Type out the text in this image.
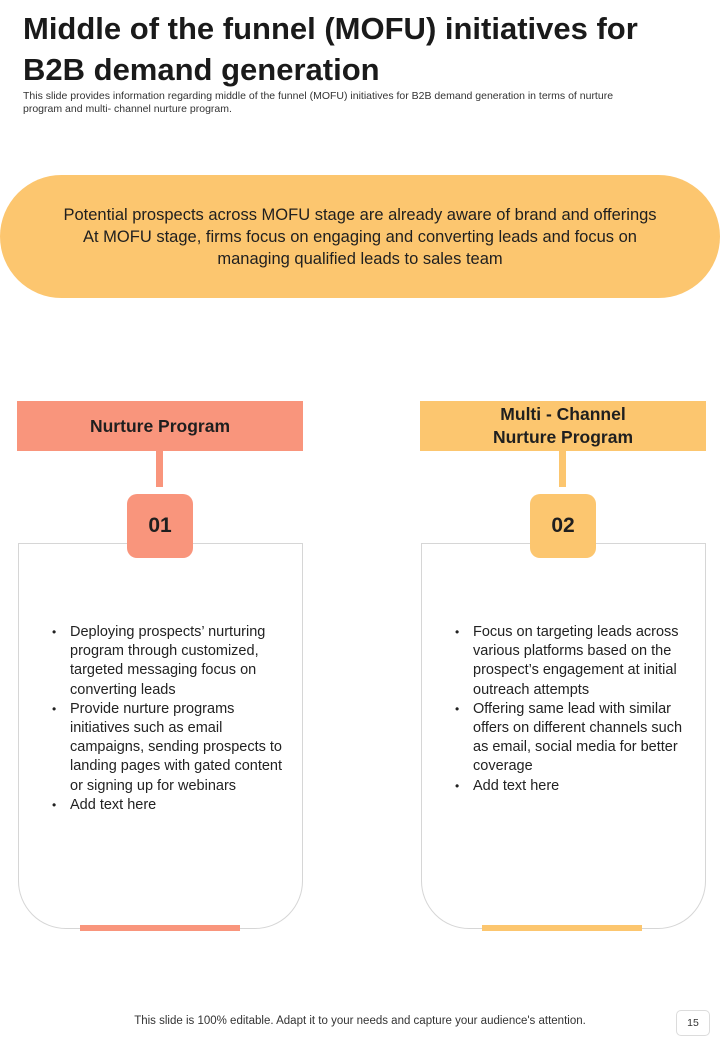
Middle of the funnel (MOFU) initiatives for B2B demand generation

This slide provides information regarding middle of the funnel (MOFU) initiatives for B2B demand generation in terms of nurture program and multi- channel nurture program.

Potential prospects across MOFU stage are already aware of brand and offerings
At MOFU stage, firms focus on engaging and converting leads and focus on
managing qualified leads to sales team

Nurture Program
01
• Deploying prospects’ nurturing program through customized, targeted messaging focus on converting leads
• Provide nurture programs initiatives such as email campaigns, sending prospects to landing pages with gated content or signing up for webinars
• Add text here
Multi - Channel
Nurture Program
02
• Focus on targeting leads across various platforms based on the prospect’s engagement at initial outreach attempts
• Offering same lead with similar offers on different channels such as email, social media for better coverage
• Add text here

This slide is 100% editable. Adapt it to your needs and capture your audience's attention.	15
